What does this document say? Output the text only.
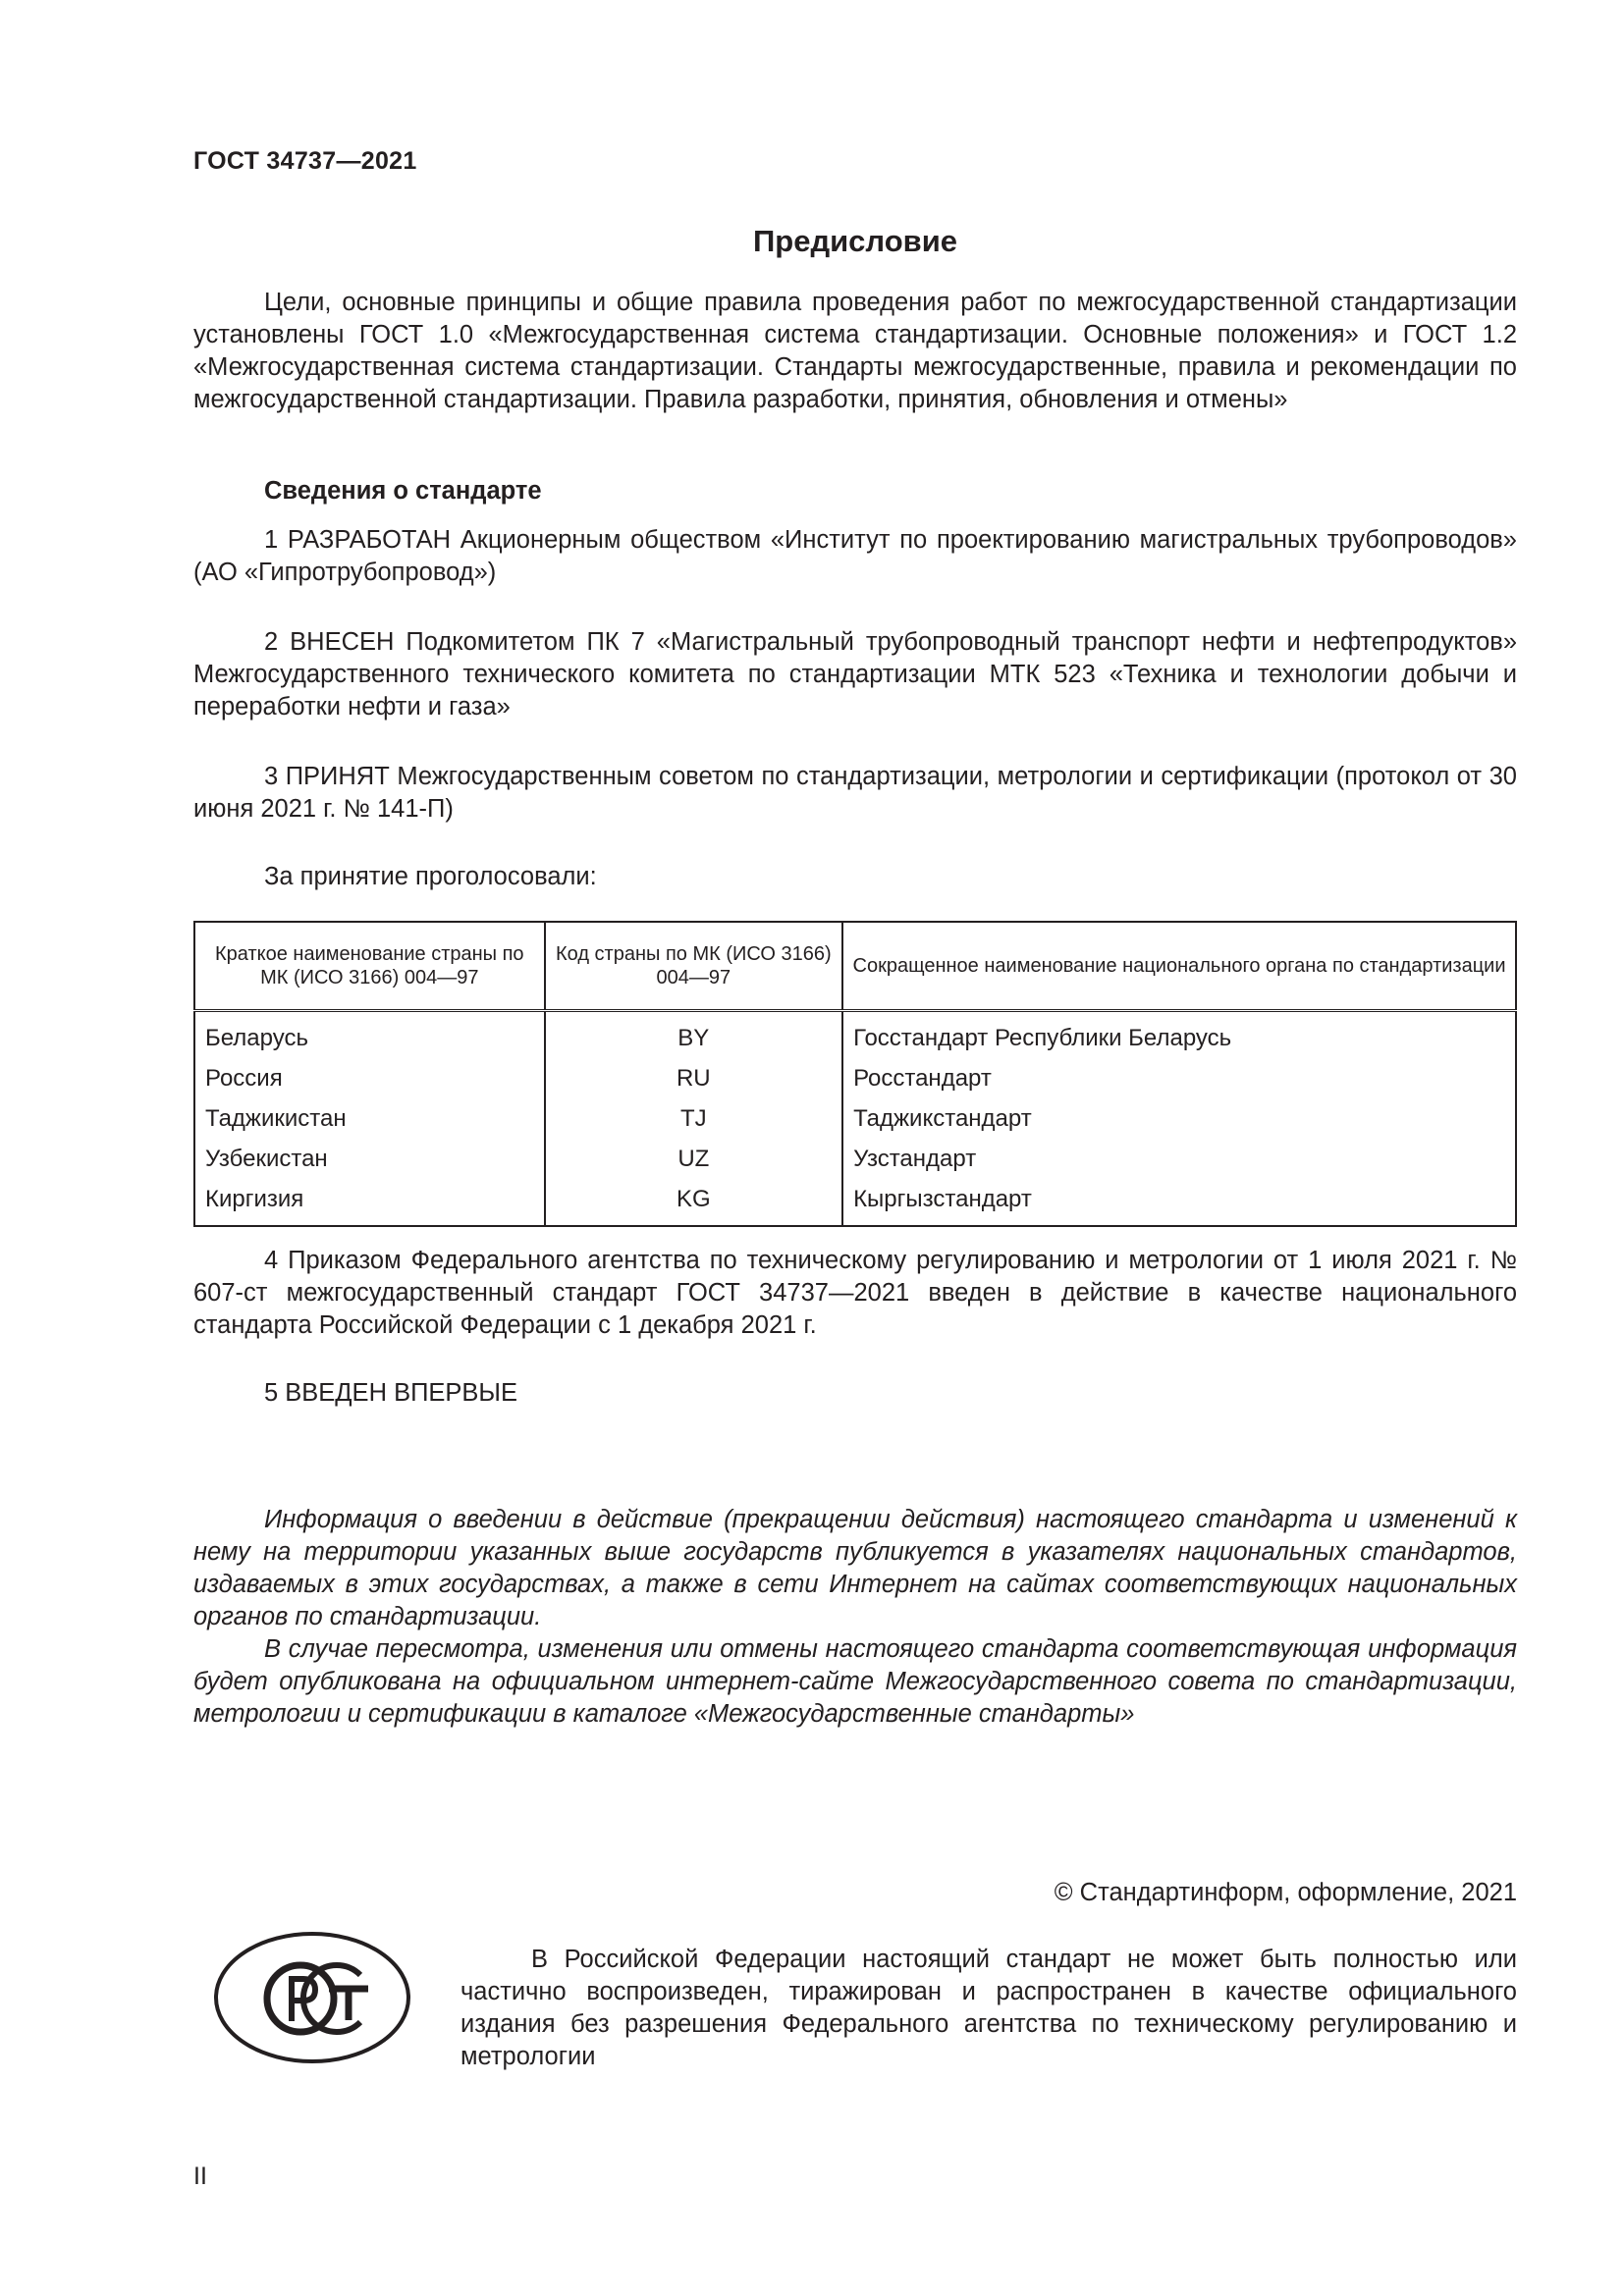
ГОСТ 34737—2021
Предисловие

Цели, основные принципы и общие правила проведения работ по межгосударственной стандартизации установлены ГОСТ 1.0 «Межгосударственная система стандартизации. Основные положения» и ГОСТ 1.2 «Межгосударственная система стандартизации. Стандарты межгосударственные, правила и рекомендации по межгосударственной стандартизации. Правила разработки, принятия, обновления и отмены»

Сведения о стандарте

1 РАЗРАБОТАН Акционерным обществом «Институт по проектированию магистральных трубопроводов» (АО «Гипротрубопровод»)

2 ВНЕСЕН Подкомитетом ПК 7 «Магистральный трубопроводный транспорт нефти и нефтепродуктов» Межгосударственного технического комитета по стандартизации МТК 523 «Техника и технологии добычи и переработки нефти и газа»

3 ПРИНЯТ Межгосударственным советом по стандартизации, метрологии и сертификации (протокол от 30 июня 2021 г. № 141-П)

За принятие проголосовали:

Краткое наименование страны по МК (ИСО 3166) 004—97	Код страны по МК (ИСО 3166) 004—97	Сокращенное наименование национального органа по стандартизации
Беларусь	BY	Госстандарт Республики Беларусь
Россия	RU	Росстандарт
Таджикистан	TJ	Таджикстандарт
Узбекистан	UZ	Узстандарт
Киргизия	KG	Кыргызстандарт

4 Приказом Федерального агентства по техническому регулированию и метрологии от 1 июля 2021 г. № 607-ст межгосударственный стандарт ГОСТ 34737—2021 введен в действие в качестве национального стандарта Российской Федерации с 1 декабря 2021 г.

5 ВВЕДЕН ВПЕРВЫЕ

Информация о введении в действие (прекращении действия) настоящего стандарта и изменений к нему на территории указанных выше государств публикуется в указателях национальных стандартов, издаваемых в этих государствах, а также в сети Интернет на сайтах соответствующих национальных органов по стандартизации.

В случае пересмотра, изменения или отмены настоящего стандарта соответствующая информация будет опубликована на официальном интернет-сайте Межгосударственного совета по стандартизации, метрологии и сертификации в каталоге «Межгосударственные стандарты»

© Стандартинформ, оформление, 2021

В Российской Федерации настоящий стандарт не может быть полностью или частично воспроизведен, тиражирован и распространен в качестве официального издания без разрешения Федерального агентства по техническому регулированию и метрологии

II
